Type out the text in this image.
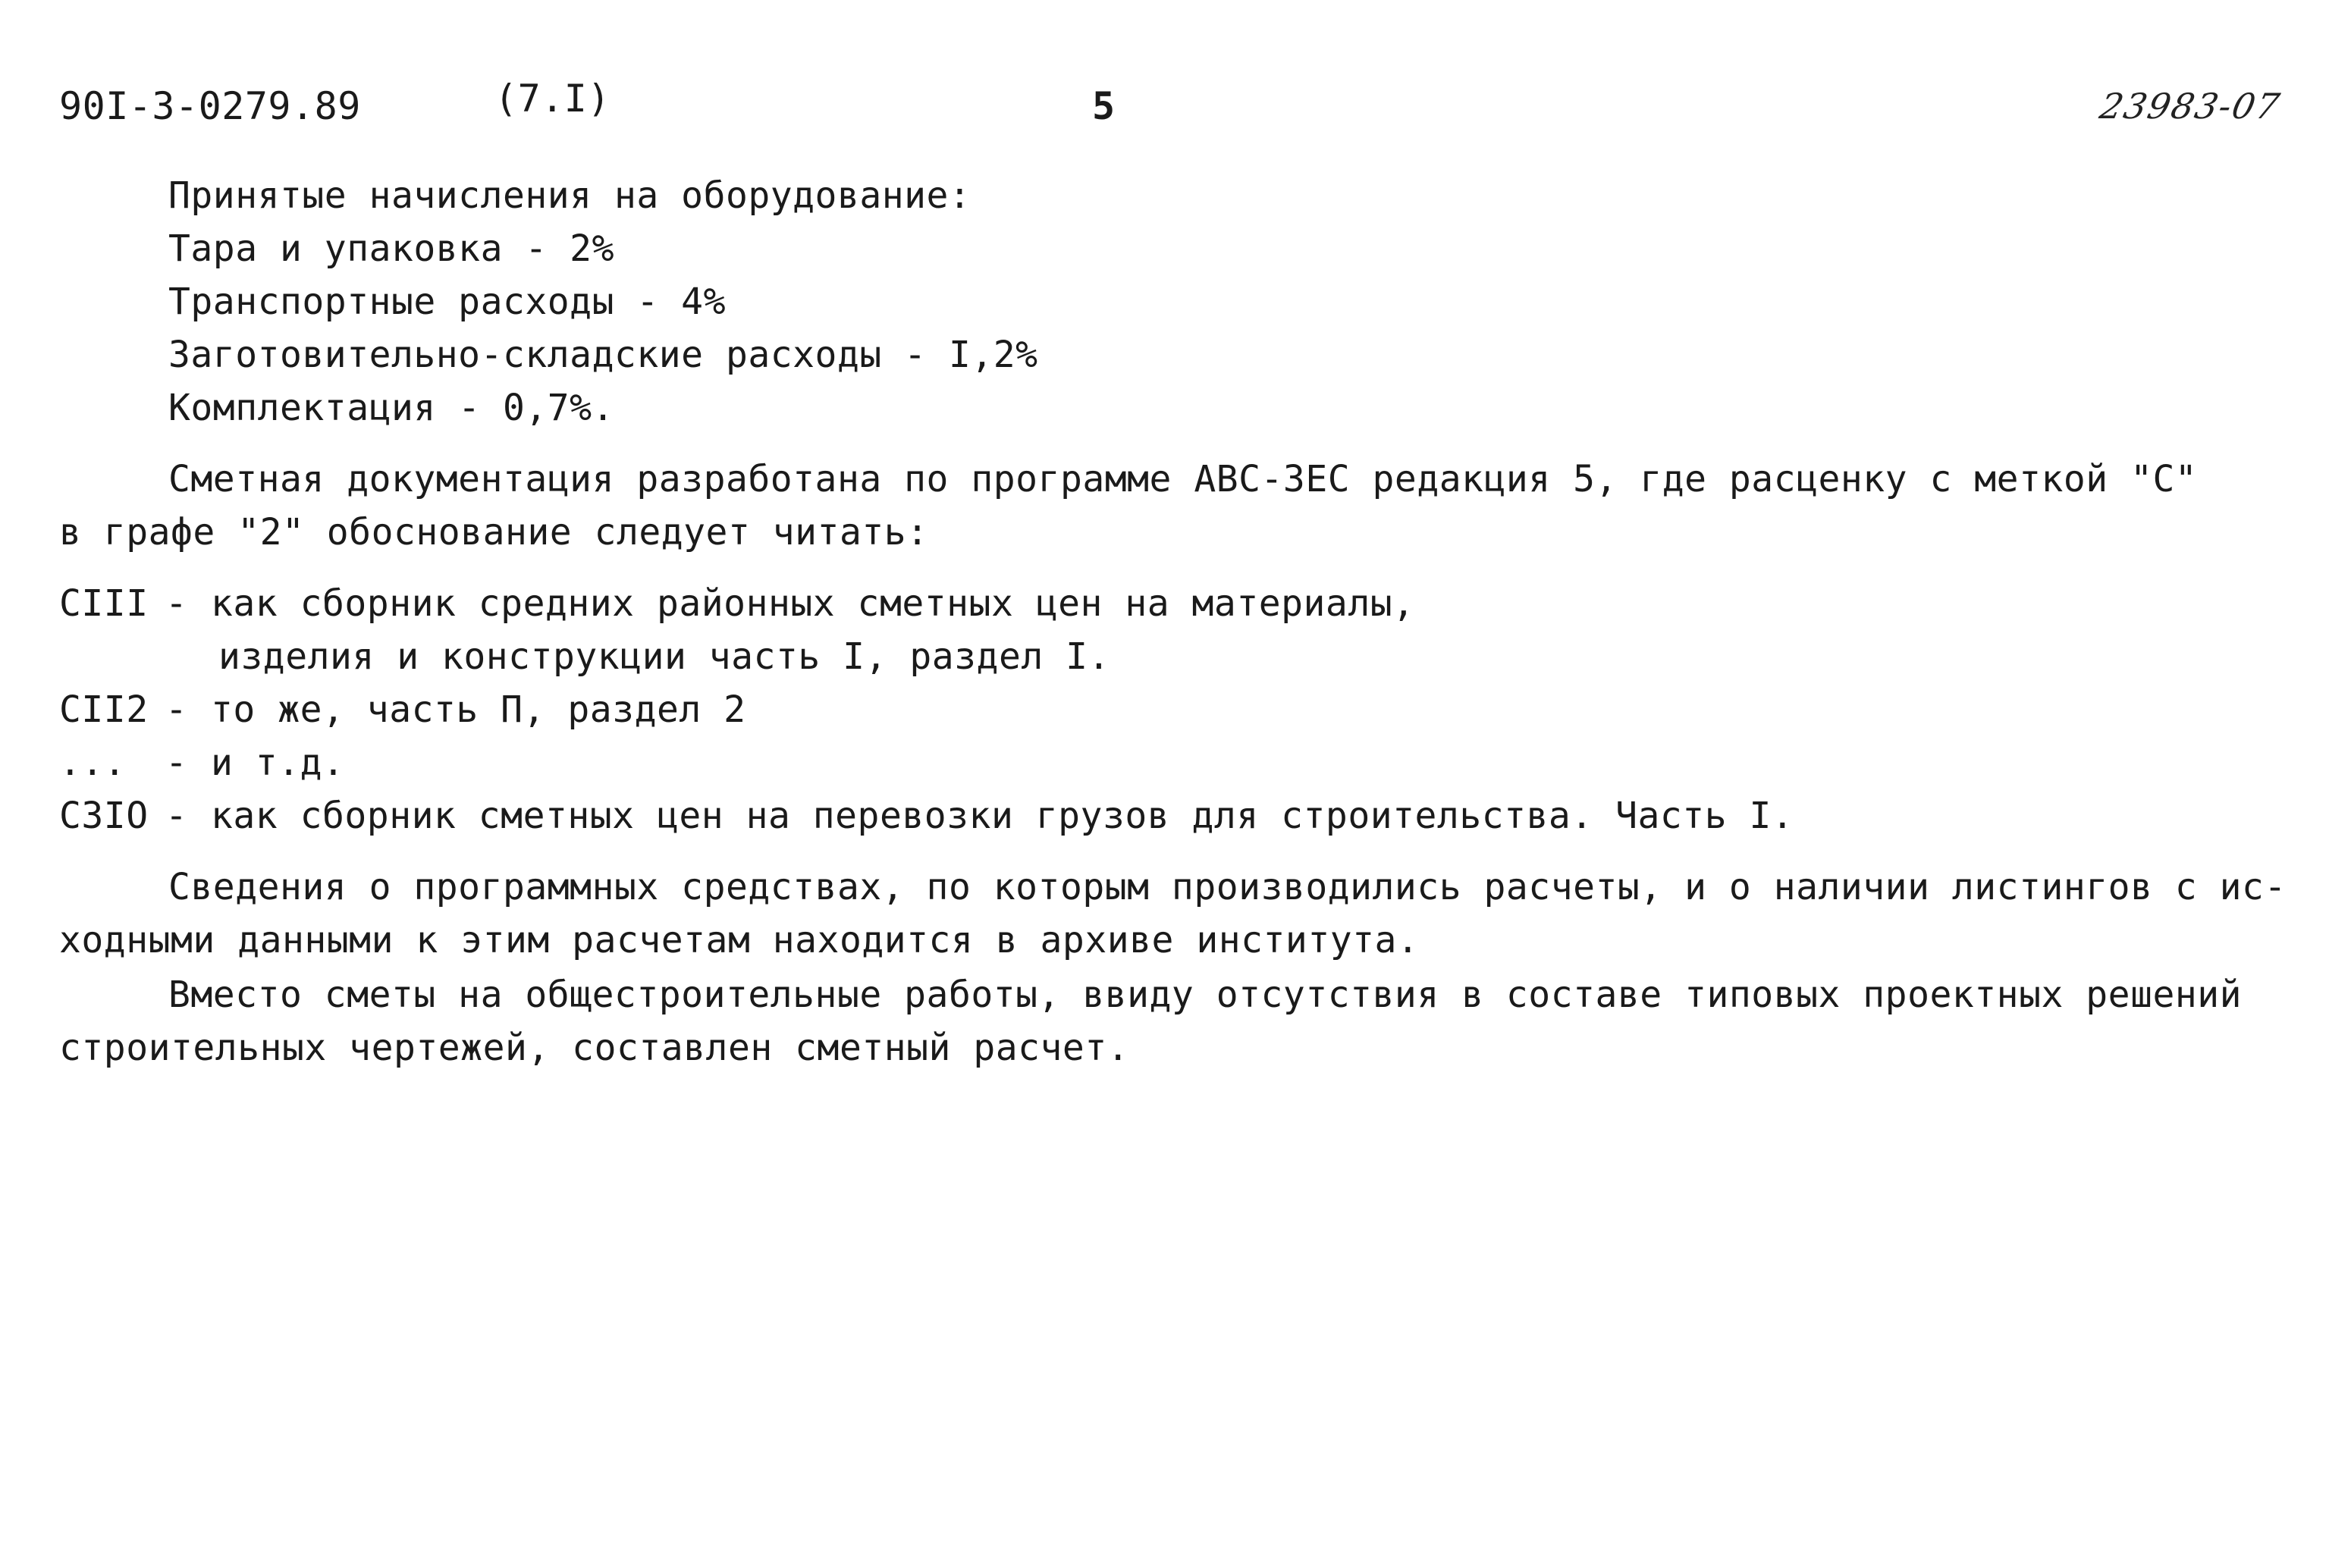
90I-3-0279.89	(7.I)	5	23983-07
Принятые начисления на оборудование:
Тара и упаковка - 2%
Транспортные расходы - 4%
Заготовительно-складские расходы - I,2%
Комплектация - 0,7%.
Сметная документация разработана по программе АВС-ЗЕС редакция 5, где расценку с меткой "С"
в графе "2" обоснование следует читать:
CIII - как сборник средних районных сметных цен на материалы,
изделия и конструкции часть I, раздел I.
CII2 - то же, часть П, раздел 2
... - и т.д.
C3IO - как сборник сметных цен на перевозки грузов для строительства. Часть I.
Сведения о программных средствах, по которым производились расчеты, и о наличии листингов с ис-
ходными данными к этим расчетам находится в архиве института.
Вместо сметы на общестроительные работы, ввиду отсутствия в составе типовых проектных решений
строительных чертежей, составлен сметный расчет.
